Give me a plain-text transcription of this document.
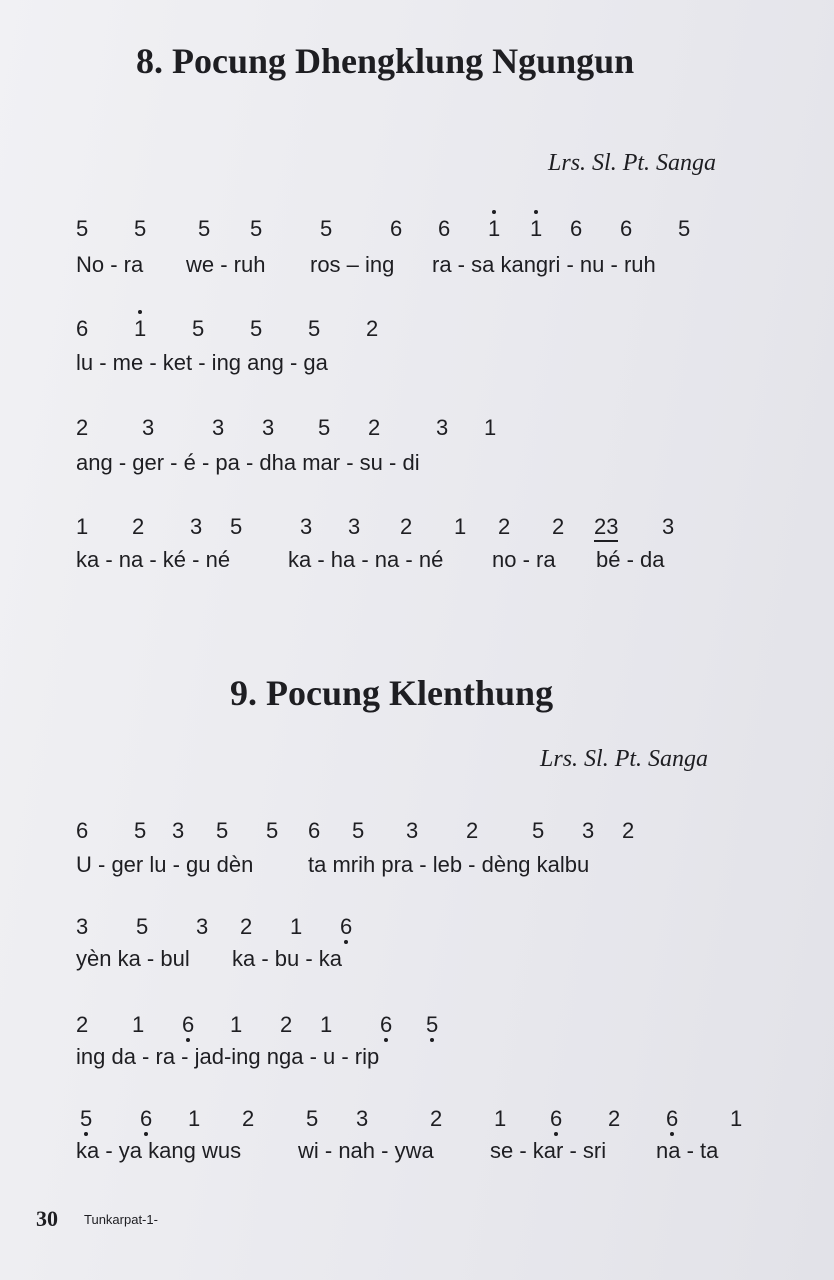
8. Pocung Dhengklung Ngungun
Lrs. Sl. Pt. Sanga
5 5 5 5	5	6 6 1 1 6 6 5
No - ra we - ruh ros – ing ra - sa kangri - nu - ruh
6 1 5 5 5 2
lu - me - ket - ing ang - ga
2 3	3 3 5 2	3 1
ang - ger - é - pa - dha mar - su - di
1 2 3 5	3 3 2 1 2 2 23 3
ka - na - ké - né	ka - ha - na - né no - ra bé - da
9. Pocung Klenthung
Lrs. Sl. Pt. Sanga
6 5 3 5 5 6 5 3 2 5 3 2
U - ger lu - gu dèn ta mrih pra - leb - dèng kalbu
3 5 3 2 1 6
yèn ka - bul ka - bu - ka
2 1 6 1 2 1 6 5
ing da - ra - jad-ing nga - u - rip
5 6 1 2 5 3	2 1 6 2 6 1
ka - ya kang wus	wi - nah - ywa	se - kar - sri na - ta
30 Tunkarpat-1-
